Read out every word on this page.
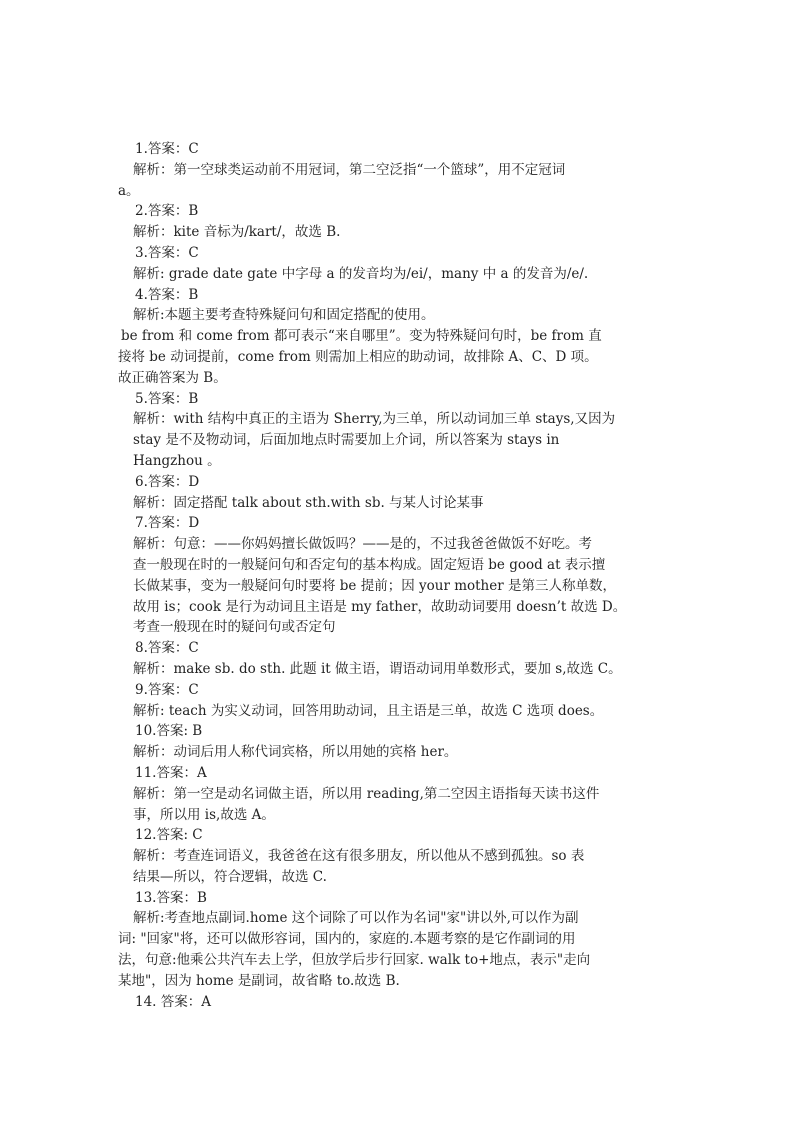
1.答案：C
解析：第一空球类运动前不用冠词，第二空泛指“一个篮球”，用不定冠词
a。
2.答案：B
解析：kite 音标为/kart/，故选 B.
3.答案：C
解析: grade date gate 中字母 a 的发音均为/ei/，many 中 a 的发音为/e/.
4.答案：B
解析:本题主要考查特殊疑问句和固定搭配的使用。
be from 和 come from 都可表示“来自哪里”。变为特殊疑问句时，be from 直
接将 be 动词提前，come from 则需加上相应的助动词，故排除 A、C、D 项。
故正确答案为 B。
5.答案：B
解析：with 结构中真正的主语为 Sherry,为三单，所以动词加三单 stays,又因为
stay 是不及物动词，后面加地点时需要加上介词，所以答案为 stays in
Hangzhou 。
6.答案：D
解析：固定搭配 talk about sth.with sb. 与某人讨论某事
7.答案：D
解析：句意：——你妈妈擅长做饭吗？——是的，不过我爸爸做饭不好吃。考
查一般现在时的一般疑问句和否定句的基本构成。固定短语 be good at 表示擅
长做某事，变为一般疑问句时要将 be 提前；因 your mother 是第三人称单数，
故用 is；cook 是行为动词且主语是 my father，故助动词要用 doesn’t 故选 D。
考查一般现在时的疑问句或否定句
8.答案：C
解析：make sb. do sth. 此题 it 做主语，谓语动词用单数形式，要加 s,故选 C。
9.答案：C
解析: teach 为实义动词，回答用助动词，且主语是三单，故选 C 选项 does。
10.答案: B
解析：动词后用人称代词宾格，所以用她的宾格 her。
11.答案：A
解析：第一空是动名词做主语，所以用 reading,第二空因主语指每天读书这件
事，所以用 is,故选 A。
12.答案: C
解析：考查连词语义，我爸爸在这有很多朋友，所以他从不感到孤独。so 表
结果—所以，符合逻辑，故选 C.
13.答案：B
解析:考查地点副词.home 这个词除了可以作为名词"家"讲以外,可以作为副
词: "回家"将，还可以做形容词，国内的，家庭的.本题考察的是它作副词的用
法，句意:他乘公共汽车去上学，但放学后步行回家. walk to+地点，表示"走向
某地"，因为 home 是副词，故省略 to.故选 B.
14. 答案：A
